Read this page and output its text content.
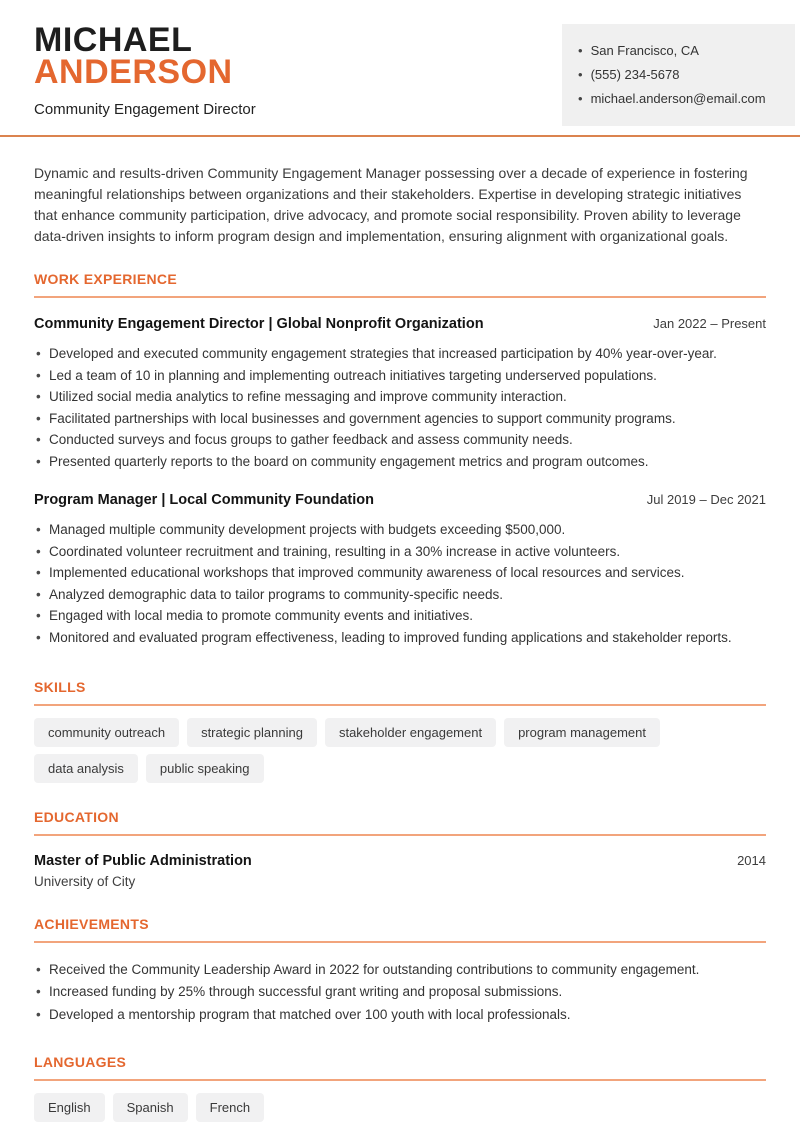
MICHAEL
ANDERSON
Community Engagement Director
• San Francisco, CA
• (555) 234-5678
• michael.anderson@email.com

Dynamic and results-driven Community Engagement Manager possessing over a decade of experience in fostering meaningful relationships between organizations and their stakeholders. Expertise in developing strategic initiatives that enhance community participation, drive advocacy, and promote social responsibility. Proven ability to leverage data-driven insights to inform program design and implementation, ensuring alignment with organizational goals.

WORK EXPERIENCE
Community Engagement Director | Global Nonprofit Organization	Jan 2022 – Present
• Developed and executed community engagement strategies that increased participation by 40% year-over-year.
• Led a team of 10 in planning and implementing outreach initiatives targeting underserved populations.
• Utilized social media analytics to refine messaging and improve community interaction.
• Facilitated partnerships with local businesses and government agencies to support community programs.
• Conducted surveys and focus groups to gather feedback and assess community needs.
• Presented quarterly reports to the board on community engagement metrics and program outcomes.
Program Manager | Local Community Foundation	Jul 2019 – Dec 2021
• Managed multiple community development projects with budgets exceeding $500,000.
• Coordinated volunteer recruitment and training, resulting in a 30% increase in active volunteers.
• Implemented educational workshops that improved community awareness of local resources and services.
• Analyzed demographic data to tailor programs to community-specific needs.
• Engaged with local media to promote community events and initiatives.
• Monitored and evaluated program effectiveness, leading to improved funding applications and stakeholder reports.
SKILLS
community outreach	strategic planning	stakeholder engagement	program management
data analysis	public speaking
EDUCATION
Master of Public Administration	2014
University of City
ACHIEVEMENTS
• Received the Community Leadership Award in 2022 for outstanding contributions to community engagement.
• Increased funding by 25% through successful grant writing and proposal submissions.
• Developed a mentorship program that matched over 100 youth with local professionals.
LANGUAGES
English	Spanish	French
